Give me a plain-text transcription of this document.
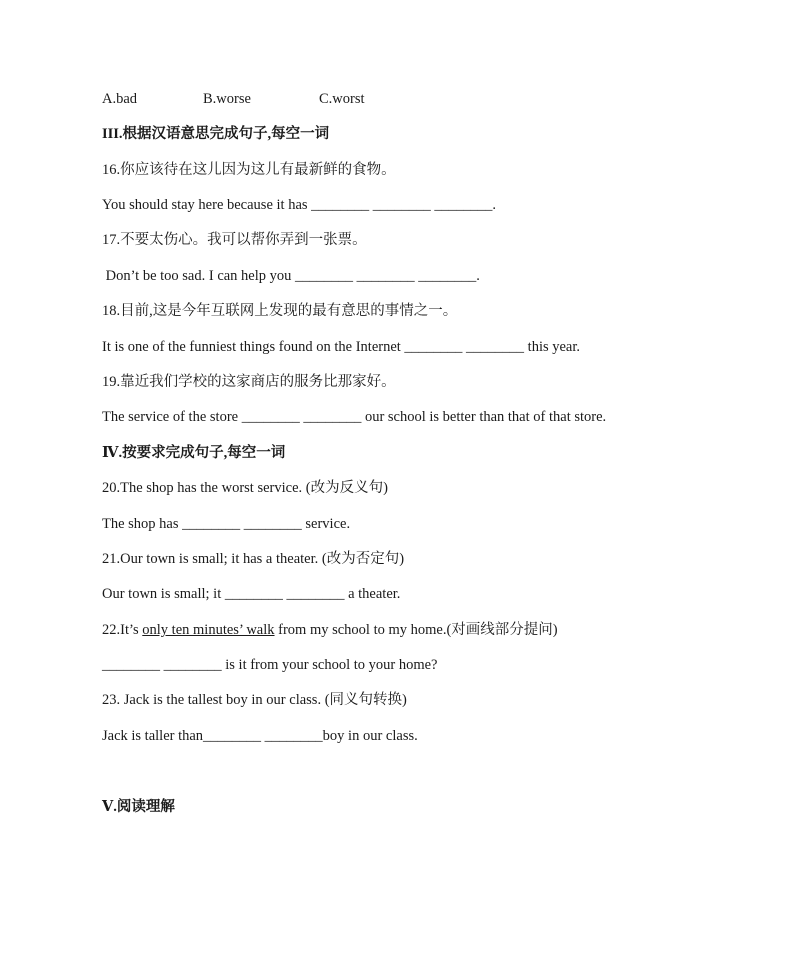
A.bad	B.worse	C.worst
III.根据汉语意思完成句子,每空一词
16.你应该待在这儿因为这儿有最新鲜的食物。
You should stay here because it has ________ ________ ________.
17.不要太伤心。我可以帮你弄到一张票。
Don’t be too sad. I can help you ________ ________ ________.
18.目前,这是今年互联网上发现的最有意思的事情之一。
It is one of the funniest things found on the Internet ________ ________ this year.
19.靠近我们学校的这家商店的服务比那家好。
The service of the store ________ ________ our school is better than that of that store.
Ⅳ.按要求完成句子,每空一词
20.The shop has the worst service. (改为反义句)
The shop has ________ ________ service.
21.Our town is small; it has a theater. (改为否定句)
Our town is small; it ________ ________ a theater.
22.It’s only ten minutes’ walk from my school to my home.(对画线部分提问)
________ ________ is it from your school to your home?
23. Jack is the tallest boy in our class. (同义句转换)
Jack is taller than________ ________boy in our class.
Ⅴ.阅读理解
